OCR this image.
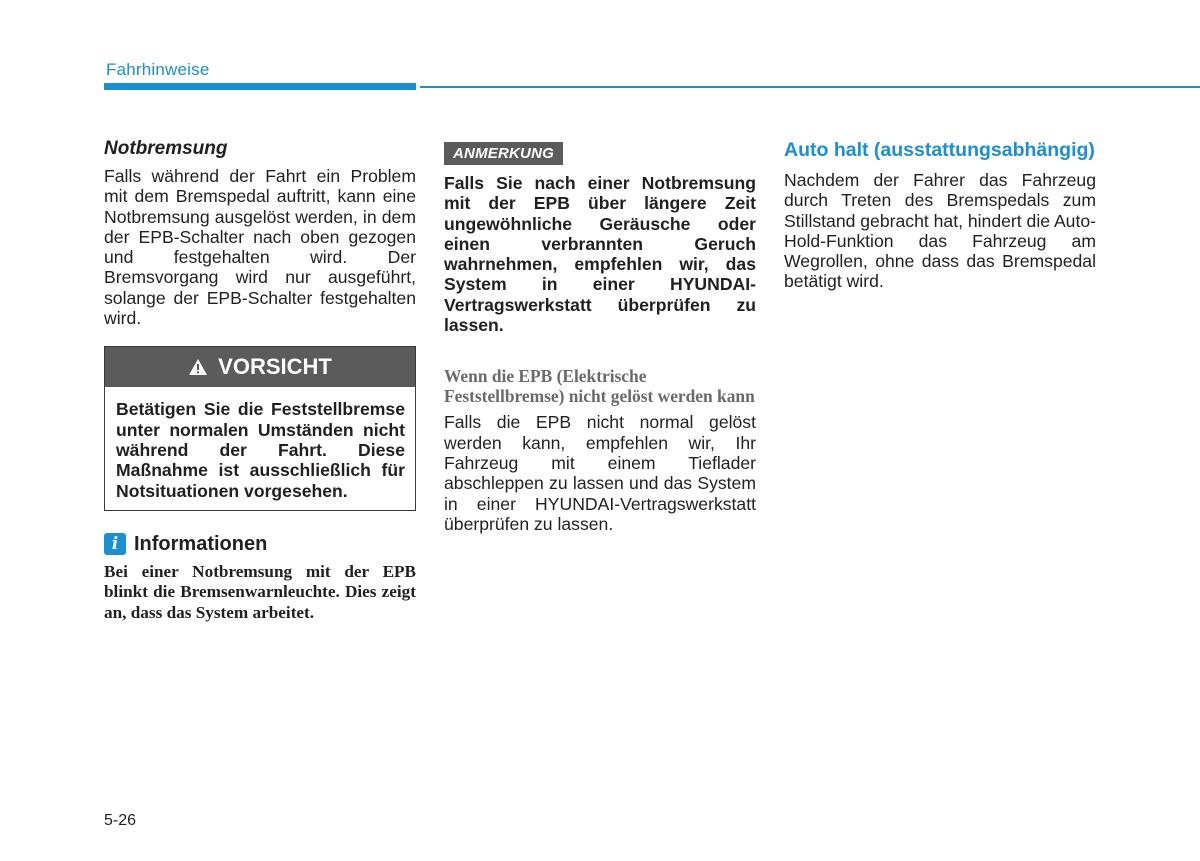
Fahrhinweise
Notbremsung

Falls während der Fahrt ein Problem mit dem Bremspedal auftritt, kann eine Notbremsung ausgelöst werden, in dem der EPB-Schalter nach oben gezogen und festgehalten wird. Der Bremsvorgang wird nur ausgeführt, solange der EPB-Schalter festgehalten wird.

VORSICHT

Betätigen Sie die Feststellbremse unter normalen Umständen nicht während der Fahrt. Diese Maßnahme ist ausschließlich für Notsituationen vorgesehen.

i Informationen
Bei einer Notbremsung mit der EPB blinkt die Bremsenwarnleuchte. Dies zeigt an, dass das System arbeitet.
ANMERKUNG

Falls Sie nach einer Notbremsung mit der EPB über längere Zeit ungewöhnliche Geräusche oder einen verbrannten Geruch wahrnehmen, empfehlen wir, das System in einer HYUNDAI-Vertragswerkstatt überprüfen zu lassen.

Wenn die EPB (Elektrische Feststellbremse) nicht gelöst werden kann

Falls die EPB nicht normal gelöst werden kann, empfehlen wir, Ihr Fahrzeug mit einem Tieflader abschleppen zu lassen und das System in einer HYUNDAI-Vertragswerkstatt überprüfen zu lassen.

Auto halt (ausstattungsabhängig)

Nachdem der Fahrer das Fahrzeug durch Treten des Bremspedals zum Stillstand gebracht hat, hindert die Auto-Hold-Funktion das Fahrzeug am Wegrollen, ohne dass das Bremspedal betätigt wird.

5-26
